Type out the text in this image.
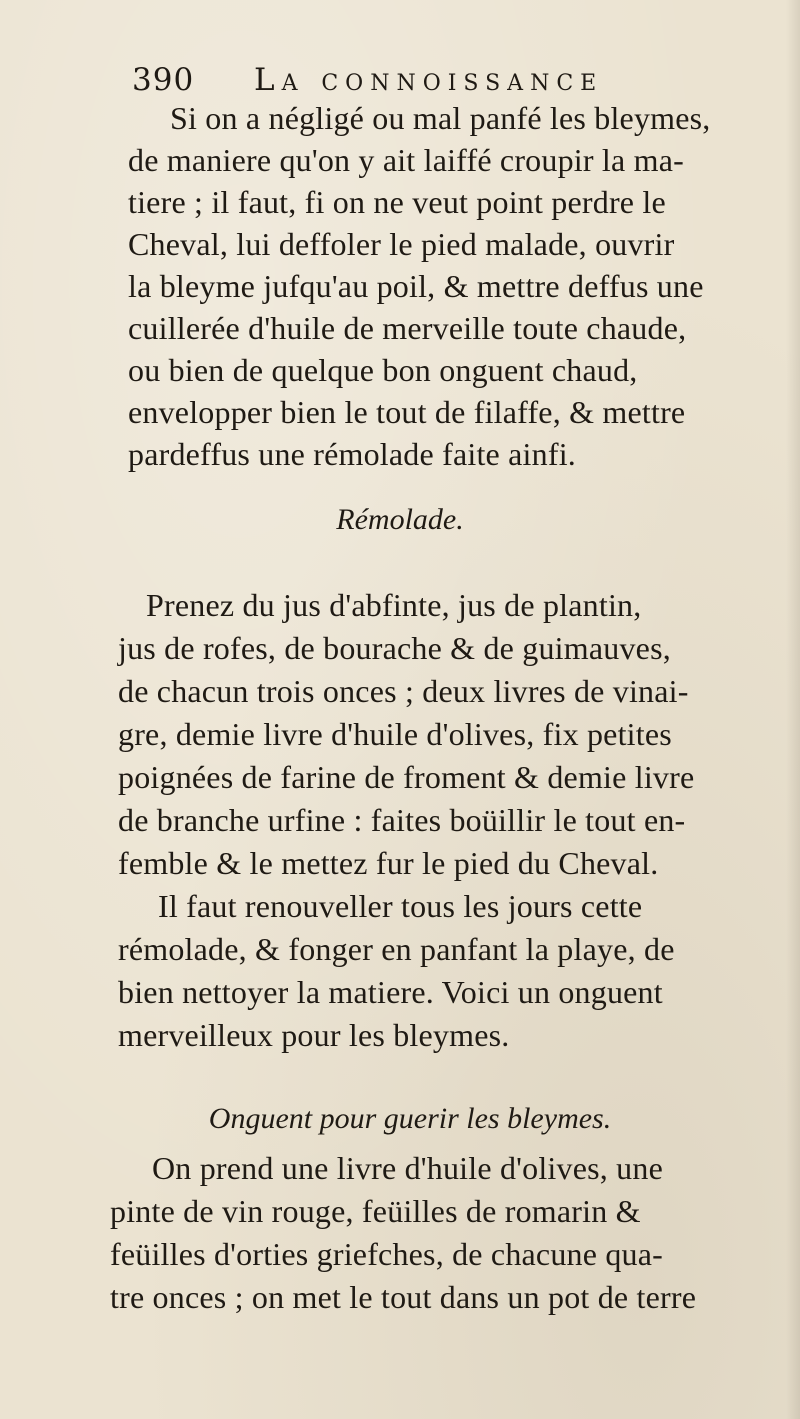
390 La connoissance
Si on a négligé ou mal panfé les bleymes,
de maniere qu'on y ait laiffé croupir la ma-
tiere ; il faut, fi on ne veut point perdre le
Cheval, lui deffoler le pied malade, ouvrir
la bleyme jufqu'au poil, & mettre deffus une
cuillerée d'huile de merveille toute chaude,
ou bien de quelque bon onguent chaud,
envelopper bien le tout de filaffe, & mettre
pardeffus une rémolade faite ainfi.
Rémolade.
Prenez du jus d'abfinte, jus de plantin,
jus de rofes, de bourache & de guimauves,
de chacun trois onces ; deux livres de vinai-
gre, demie livre d'huile d'olives, fix petites
poignées de farine de froment & demie livre
de branche urfine : faites boüillir le tout en-
femble & le mettez fur le pied du Cheval.
Il faut renouveller tous les jours cette
rémolade, & fonger en panfant la playe, de
bien nettoyer la matiere. Voici un onguent
merveilleux pour les bleymes.
Onguent pour guerir les bleymes.
On prend une livre d'huile d'olives, une
pinte de vin rouge, feüilles de romarin &
feüilles d'orties griefches, de chacune qua-
tre onces ; on met le tout dans un pot de terre
